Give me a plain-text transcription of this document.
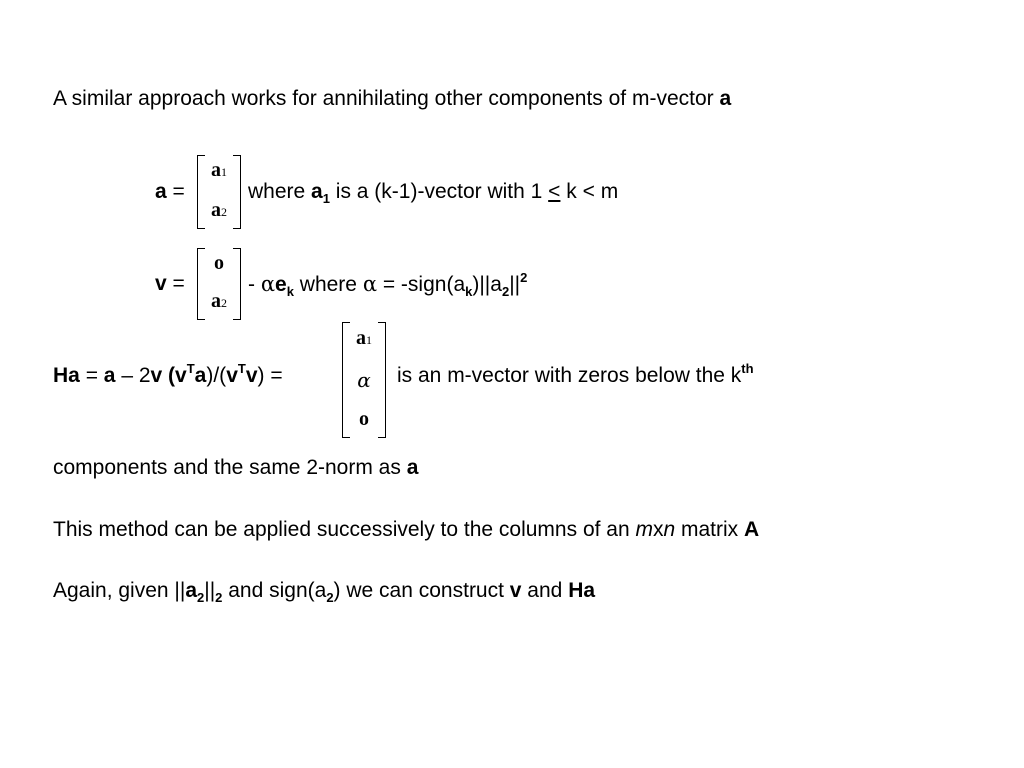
A similar approach works for annihilating other components of m-vector a
a =
a1
a2
where $a_1$ is a (k-1)-vector with 1 < k < m
v =
o
a2
- $\alpha e_k$ where $\alpha = -sign(a_k)||a_2||^2$
Ha = a – 2v $(v^Ta)/(v^Tv)$ =
a1
α
o
is an m-vector with zeros below the $k^{th}$
components and the same 2-norm as a
This method can be applied successively to the columns of an mxn matrix A
Again, given $||a_2||_2$ and $sign(a_2)$ we can construct v and Ha
